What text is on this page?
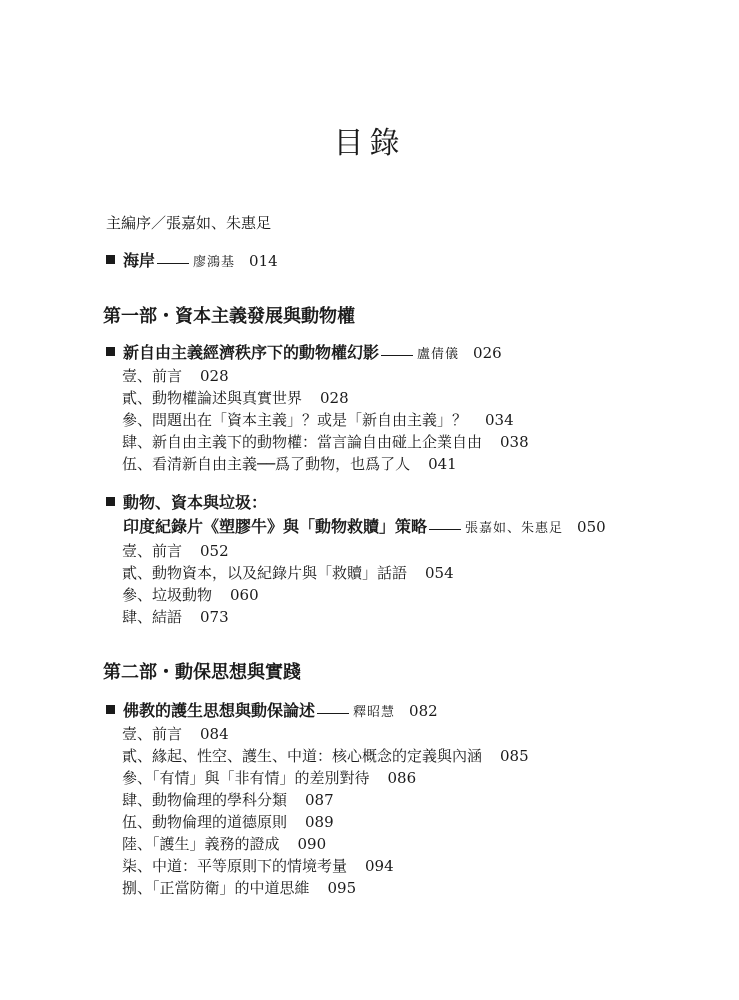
目錄
主編序／張嘉如、朱惠足
海岸	廖鴻基 014
第一部・資本主義發展與動物權
新自由主義經濟秩序下的動物權幻影	盧倩儀 026
壹、前言 028
貳、動物權論述與真實世界 028
參、問題出在「資本主義」？或是「新自由主義」？ 034
肆、新自由主義下的動物權：當言論自由碰上企業自由 038
伍、看清新自由主義──爲了動物，也爲了人 041
動物、資本與垃圾：
印度紀錄片《塑膠牛》與「動物救贖」策略	張嘉如、朱惠足 050
壹、前言 052
貳、動物資本，以及紀錄片與「救贖」話語 054
參、垃圾動物 060
肆、結語 073
第二部・動保思想與實踐
佛教的護生思想與動保論述	釋昭慧 082
壹、前言 084
貳、緣起、性空、護生、中道：核心概念的定義與內涵 085
參、「有情」與「非有情」的差別對待 086
肆、動物倫理的學科分類 087
伍、動物倫理的道德原則 089
陸、「護生」義務的證成 090
柒、中道：平等原則下的情境考量 094
捌、「正當防衛」的中道思維 095
